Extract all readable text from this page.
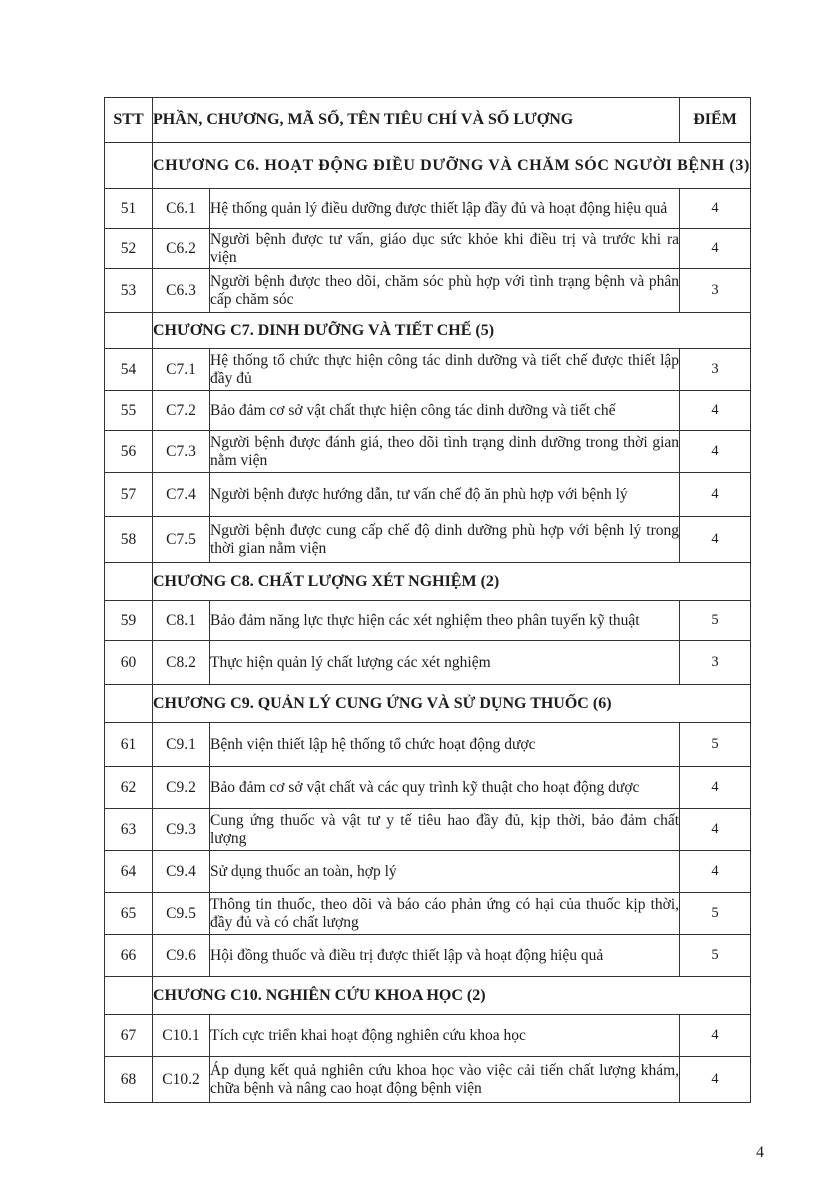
STT	PHẦN, CHƯƠNG, MÃ SỐ, TÊN TIÊU CHÍ VÀ SỐ LƯỢNG		ĐIỂM
	CHƯƠNG C6. HOẠT ĐỘNG ĐIỀU DƯỠNG VÀ CHĂM SÓC NGƯỜI BỆNH (3)		
51	C6.1	Hệ thống quản lý điều dưỡng được thiết lập đầy đủ và hoạt động hiệu quả	4
52	C6.2	Người bệnh được tư vấn, giáo dục sức khỏe khi điều trị và trước khi ra viện	4
53	C6.3	Người bệnh được theo dõi, chăm sóc phù hợp với tình trạng bệnh và phân cấp chăm sóc	3
	CHƯƠNG C7. DINH DƯỠNG VÀ TIẾT CHẾ (5)		
54	C7.1	Hệ thống tổ chức thực hiện công tác dinh dưỡng và tiết chế được thiết lập đầy đủ	3
55	C7.2	Bảo đảm cơ sở vật chất thực hiện công tác dinh dưỡng và tiết chế	4
56	C7.3	Người bệnh được đánh giá, theo dõi tình trạng dinh dưỡng trong thời gian nằm viện	4
57	C7.4	Người bệnh được hướng dẫn, tư vấn chế độ ăn phù hợp với bệnh lý	4
58	C7.5	Người bệnh được cung cấp chế độ dinh dưỡng phù hợp với bệnh lý trong thời gian nằm viện	4
	CHƯƠNG C8. CHẤT LƯỢNG XÉT NGHIỆM (2)		
59	C8.1	Bảo đảm năng lực thực hiện các xét nghiệm theo phân tuyến kỹ thuật	5
60	C8.2	Thực hiện quản lý chất lượng các xét nghiệm	3
	CHƯƠNG C9. QUẢN LÝ CUNG ỨNG VÀ SỬ DỤNG THUỐC (6)		
61	C9.1	Bệnh viện thiết lập hệ thống tổ chức hoạt động dược	5
62	C9.2	Bảo đảm cơ sở vật chất và các quy trình kỹ thuật cho hoạt động dược	4
63	C9.3	Cung ứng thuốc và vật tư y tế tiêu hao đầy đủ, kịp thời, bảo đảm chất lượng	4
64	C9.4	Sử dụng thuốc an toàn, hợp lý	4
65	C9.5	Thông tin thuốc, theo dõi và báo cáo phản ứng có hại của thuốc kịp thời, đầy đủ và có chất lượng	5
66	C9.6	Hội đồng thuốc và điều trị được thiết lập và hoạt động hiệu quả	5
	CHƯƠNG C10. NGHIÊN CỨU KHOA HỌC (2)		
67	C10.1	Tích cực triển khai hoạt động nghiên cứu khoa học	4
68	C10.2	Áp dụng kết quả nghiên cứu khoa học vào việc cải tiến chất lượng khám, chữa bệnh và nâng cao hoạt động bệnh viện	4
4
